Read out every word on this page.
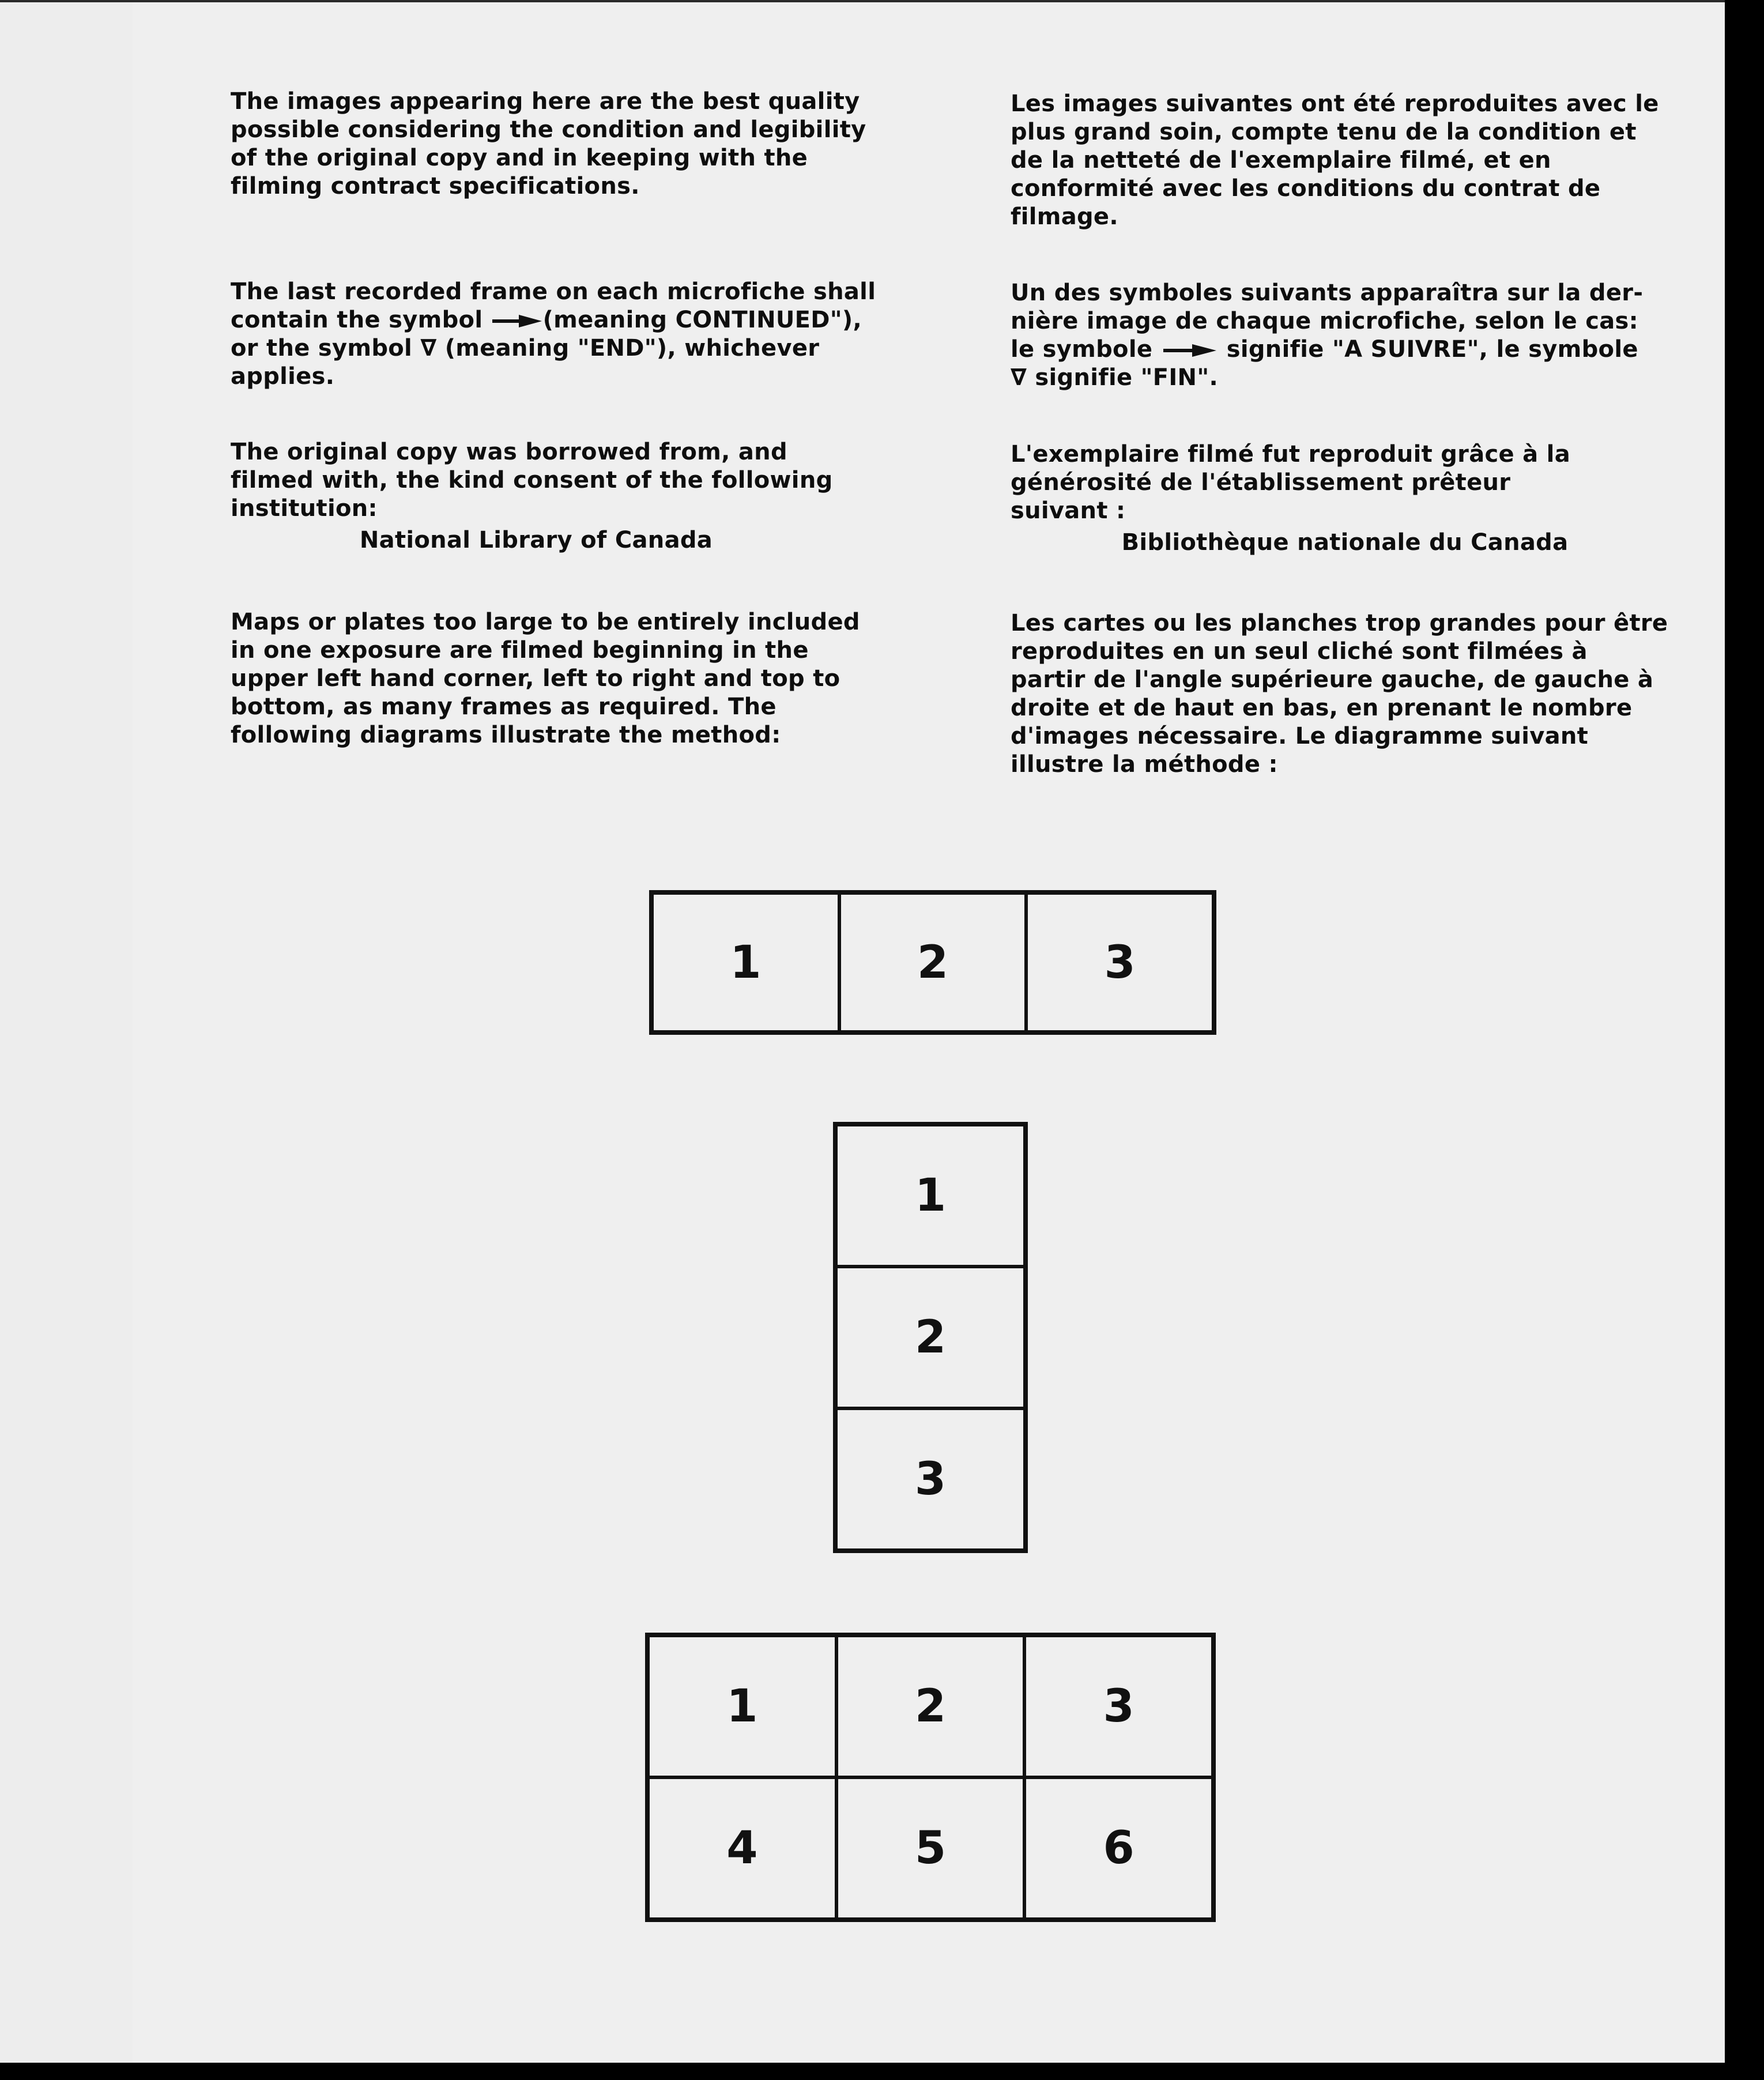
The images appearing here are the best quality
possible considering the condition and legibility
of the original copy and in keeping with the
filming contract specifications.
The last recorded frame on each microfiche shall
contain the symbol	(meaning CONTINUED"),
or the symbol ∇ (meaning "END"), whichever
applies.
The original copy was borrowed from, and
filmed with, the kind consent of the following
institution:
National Library of Canada
Maps or plates too large to be entirely included
in one exposure are filmed beginning in the
upper left hand corner, left to right and top to
bottom, as many frames as required. The
following diagrams illustrate the method:
Les images suivantes ont été reproduites avec le
plus grand soin, compte tenu de la condition et
de la netteté de l'exemplaire filmé, et en
conformité avec les conditions du contrat de
filmage.
Un des symboles suivants apparaîtra sur la der-
nière image de chaque microfiche, selon le cas:
le symbole	signifie "A SUIVRE", le symbole
∇ signifie "FIN".
L'exemplaire filmé fut reproduit grâce à la
générosité de l'établissement prêteur
suivant :
Bibliothèque nationale du Canada
Les cartes ou les planches trop grandes pour être
reproduites en un seul cliché sont filmées à
partir de l'angle supérieure gauche, de gauche à
droite et de haut en bas, en prenant le nombre
d'images nécessaire. Le diagramme suivant
illustre la méthode :
1	2	3
1
2
3
1	2	3
4	5	6
